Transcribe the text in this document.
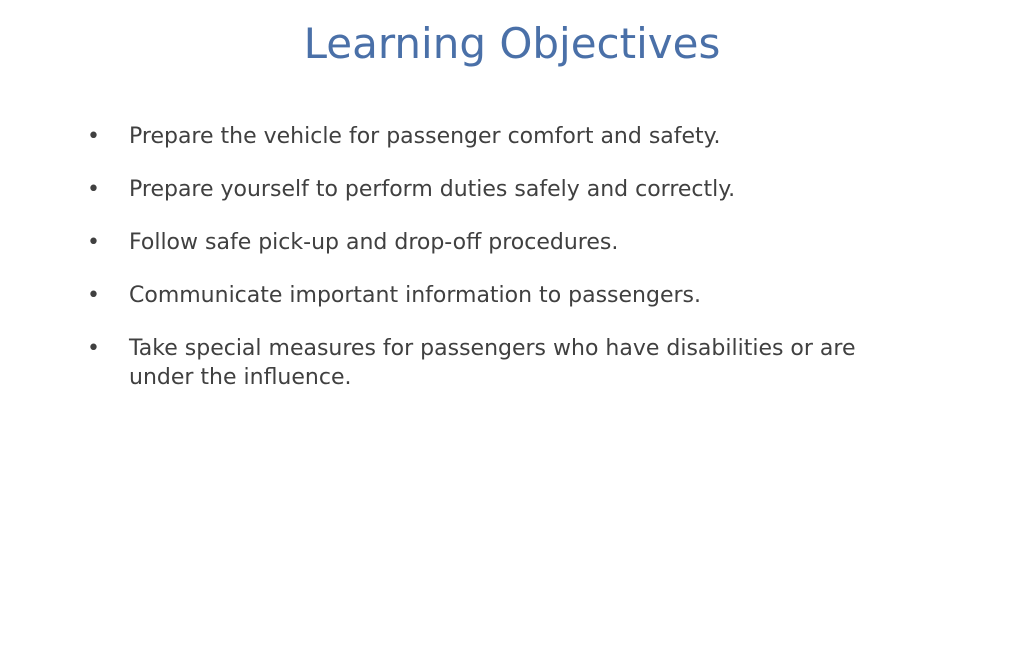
Learning Objectives
• Prepare the vehicle for passenger comfort and safety.
• Prepare yourself to perform duties safely and correctly.
• Follow safe pick-up and drop-off procedures.
• Communicate important information to passengers.
• Take special measures for passengers who have disabilities or are under the influence.
